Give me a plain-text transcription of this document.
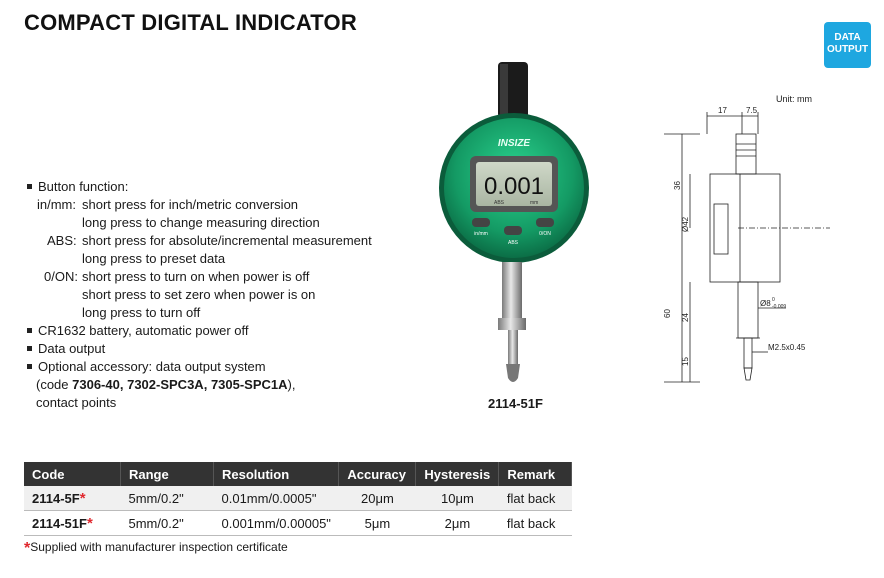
COMPACT DIGITAL INDICATOR
DATA
OUTPUT
Button function:
in/mm: short press for inch/metric conversion
long press to change measuring direction
ABS: short press for absolute/incremental measurement
long press to preset data
0/ON: short press to turn on when power is off
short press to set zero when power is on
long press to turn off
CR1632 battery, automatic power off
Data output
Optional accessory: data output system
(code 7306-40, 7302-SPC3A, 7305-SPC1A),
contact points
INSIZE
0.001
ABS	mm
in/mm
ABS
0/ON
2114-51F
Unit: mm
17 7.5
36
Ø42
60 24
15
Ø8 0
-0.009
M2.5x0.45
Code	Range	Resolution	Accuracy	Hysteresis	Remark
2114-5F*	5mm/0.2"	0.01mm/0.0005"	20μm	10μm	flat back
2114-51F*	5mm/0.2"	0.001mm/0.00005"	5μm	2μm	flat back
*Supplied with manufacturer inspection certificate
